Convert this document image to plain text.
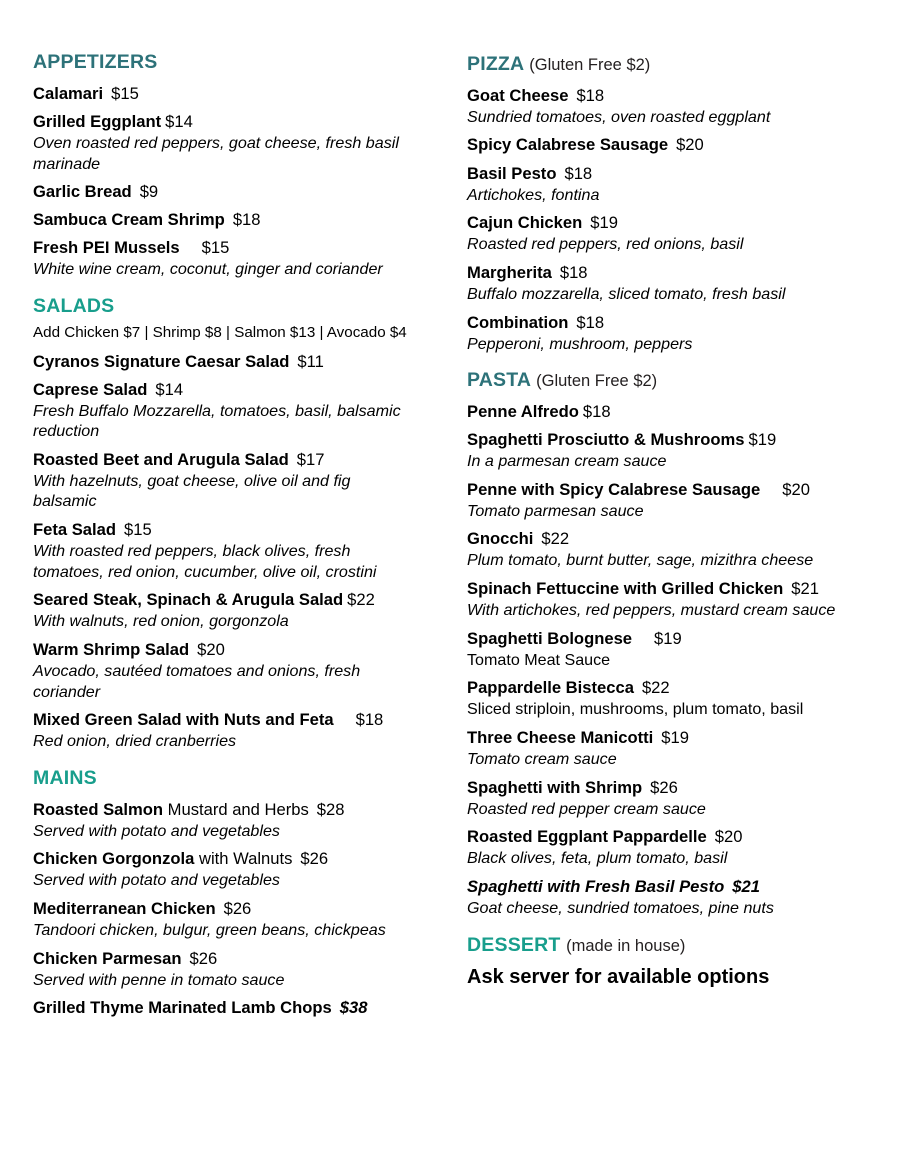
APPETIZERS
Calamari $15
Grilled Eggplant $14
Oven roasted red peppers, goat cheese, fresh basil marinade
Garlic Bread $9
Sambuca Cream Shrimp $18
Fresh PEI Mussels $15
White wine cream, coconut, ginger and coriander
SALADS
Add Chicken $7 | Shrimp $8 | Salmon $13 | Avocado $4
Cyranos Signature Caesar Salad $11
Caprese Salad $14
Fresh Buffalo Mozzarella, tomatoes, basil, balsamic reduction
Roasted Beet and Arugula Salad $17
With hazelnuts, goat cheese, olive oil and fig balsamic
Feta Salad $15
With roasted red peppers, black olives, fresh tomatoes, red onion, cucumber, olive oil, crostini
Seared Steak, Spinach & Arugula Salad $22
With walnuts, red onion, gorgonzola
Warm Shrimp Salad $20
Avocado, sautéed tomatoes and onions, fresh coriander
Mixed Green Salad with Nuts and Feta $18
Red onion, dried cranberries
MAINS
Roasted Salmon Mustard and Herbs $28
Served with potato and vegetables
Chicken Gorgonzola with Walnuts $26
Served with potato and vegetables
Mediterranean Chicken $26
Tandoori chicken, bulgur, green beans, chickpeas
Chicken Parmesan $26
Served with penne in tomato sauce
Grilled Thyme Marinated Lamb Chops $38
PIZZA (Gluten Free $2)
Goat Cheese $18
Sundried tomatoes, oven roasted eggplant
Spicy Calabrese Sausage $20
Basil Pesto $18
Artichokes, fontina
Cajun Chicken $19
Roasted red peppers, red onions, basil
Margherita $18
Buffalo mozzarella, sliced tomato, fresh basil
Combination $18
Pepperoni, mushroom, peppers
PASTA (Gluten Free $2)
Penne Alfredo $18
Spaghetti Prosciutto & Mushrooms $19
In a parmesan cream sauce
Penne with Spicy Calabrese Sausage $20
Tomato parmesan sauce
Gnocchi $22
Plum tomato, burnt butter, sage, mizithra cheese
Spinach Fettuccine with Grilled Chicken $21
With artichokes, red peppers, mustard cream sauce
Spaghetti Bolognese $19
Tomato Meat Sauce
Pappardelle Bistecca $22
Sliced striploin, mushrooms, plum tomato, basil
Three Cheese Manicotti $19
Tomato cream sauce
Spaghetti with Shrimp $26
Roasted red pepper cream sauce
Roasted Eggplant Pappardelle $20
Black olives, feta, plum tomato, basil
Spaghetti with Fresh Basil Pesto $21
Goat cheese, sundried tomatoes, pine nuts
DESSERT (made in house)
Ask server for available options
